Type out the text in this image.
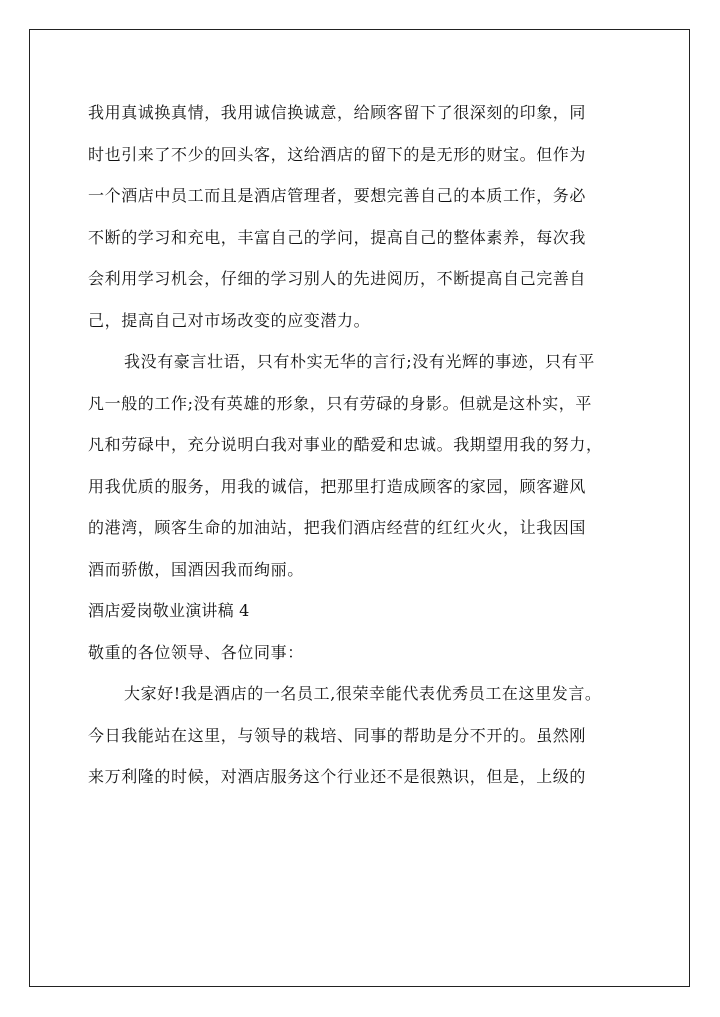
我用真诚换真情，我用诚信换诚意，给顾客留下了很深刻的印象，同
时也引来了不少的回头客，这给酒店的留下的是无形的财宝。但作为
一个酒店中员工而且是酒店管理者，要想完善自己的本质工作，务必
不断的学习和充电，丰富自己的学问，提高自己的整体素养，每次我
会利用学习机会，仔细的学习别人的先进阅历，不断提高自己完善自
己，提高自己对市场改变的应变潜力。
我没有豪言壮语，只有朴实无华的言行;没有光辉的事迹，只有平
凡一般的工作;没有英雄的形象，只有劳碌的身影。但就是这朴实，平
凡和劳碌中，充分说明白我对事业的酷爱和忠诚。我期望用我的努力，
用我优质的服务，用我的诚信，把那里打造成顾客的家园，顾客避风
的港湾，顾客生命的加油站，把我们酒店经营的红红火火，让我因国
酒而骄傲，国酒因我而绚丽。
酒店爱岗敬业演讲稿 4
敬重的各位领导、各位同事：
大家好!我是酒店的一名员工,很荣幸能代表优秀员工在这里发言。
今日我能站在这里，与领导的栽培、同事的帮助是分不开的。虽然刚
来万利隆的时候，对酒店服务这个行业还不是很熟识，但是，上级的
